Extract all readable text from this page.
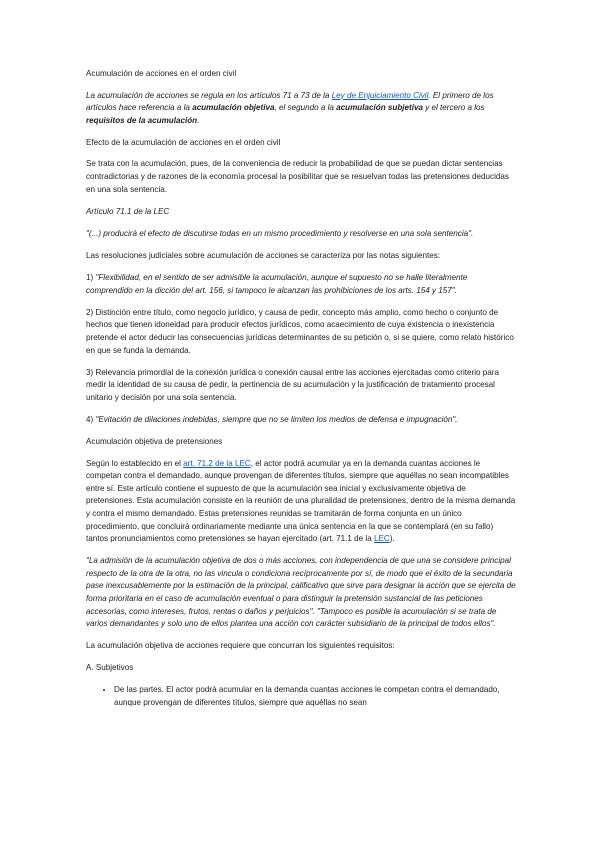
Acumulación de acciones en el orden civil

La acumulación de acciones se regula en los artículos 71 a 73 de la Ley de Enjuiciamiento Civil. El primero de los artículos hace referencia a la acumulación objetiva, el segundo a la acumulación subjetiva y el tercero a los requisitos de la acumulación.

Efecto de la acumulación de acciones en el orden civil

Se trata con la acumulación, pues, de la conveniencia de reducir la probabilidad de que se puedan dictar sentencias contradictorias y de razones de la economía procesal la posibilitar que se resuelvan todas las pretensiones deducidas en una sola sentencia.

Artículo 71.1 de la LEC

"(...) producirá el efecto de discutirse todas en un mismo procedimiento y resolverse en una sola sentencia".

Las resoluciones judiciales sobre acumulación de acciones se caracteriza por las notas siguientes:

1) "Flexibilidad, en el sentido de ser admisible la acumulación, aunque el supuesto no se halle literalmente comprendido en la dicción del art. 156, si tampoco le alcanzan las prohibiciones de los arts. 154 y 157".

2) Distinción entre título, como negocio jurídico, y causa de pedir, concepto más amplio, como hecho o conjunto de hechos que tienen idoneidad para producir efectos jurídicos, como acaecimiento de cuya existencia o inexistencia pretende el actor deducir las consecuencias jurídicas determinantes de su petición o, si se quiere, como relato histórico en que se funda la demanda.

3) Relevancia primordial de la conexión jurídica o conexión causal entre las acciones ejercitadas como criterio para medir la identidad de su causa de pedir, la pertinencia de su acumulación y la justificación de tratamiento procesal unitario y decisión por una sola sentencia.

4) "Evitación de dilaciones indebidas, siempre que no se limiten los medios de defensa e impugnación".

Acumulación objetiva de pretensiones

Según lo establecido en el art. 71.2 de la LEC, el actor podrá acumular ya en la demanda cuantas acciones le competan contra el demandado, aunque provengan de diferentes títulos, siempre que aquéllas no sean incompatibles entre sí. Este artículo contiene el supuesto de que la acumulación sea inicial y exclusivamente objetiva de pretensiones. Esta acumulación consiste en la reunión de una pluralidad de pretensiones, dentro de la misma demanda y contra el mismo demandado. Estas pretensiones reunidas se tramitarán de forma conjunta en un único procedimiento, que concluirá ordinariamente mediante una única sentencia en la que se contemplará (en su fallo) tantos pronunciamientos como pretensiones se hayan ejercitado (art. 71.1 de la LEC).

"La admisión de la acumulación objetiva de dos o más acciones, con independencia de que una se considere principal respecto de la otra de la otra, no las vincula o condiciona recíprocamente por sí, de modo que el éxito de la secundaria pase inexcusablemente por la estimación de la principal, calificativo que sirve para designar la acción que se ejercita de forma prioritaria en el caso de acumulación eventual o para distinguir la pretensión sustancial de las peticiones accesorias, como intereses, frutos, rentas o daños y perjuicios". "Tampoco es posible la acumulación si se trata de varios demandantes y solo uno de ellos plantea una acción con carácter subsidiario de la principal de todos ellos".

La acumulación objetiva de acciones requiere que concurran los siguientes requisitos:

A. Subjetivos

• De las partes. El actor podrá acumular en la demanda cuantas acciones le competan contra el demandado, aunque provengan de diferentes títulos, siempre que aquéllas no sean
